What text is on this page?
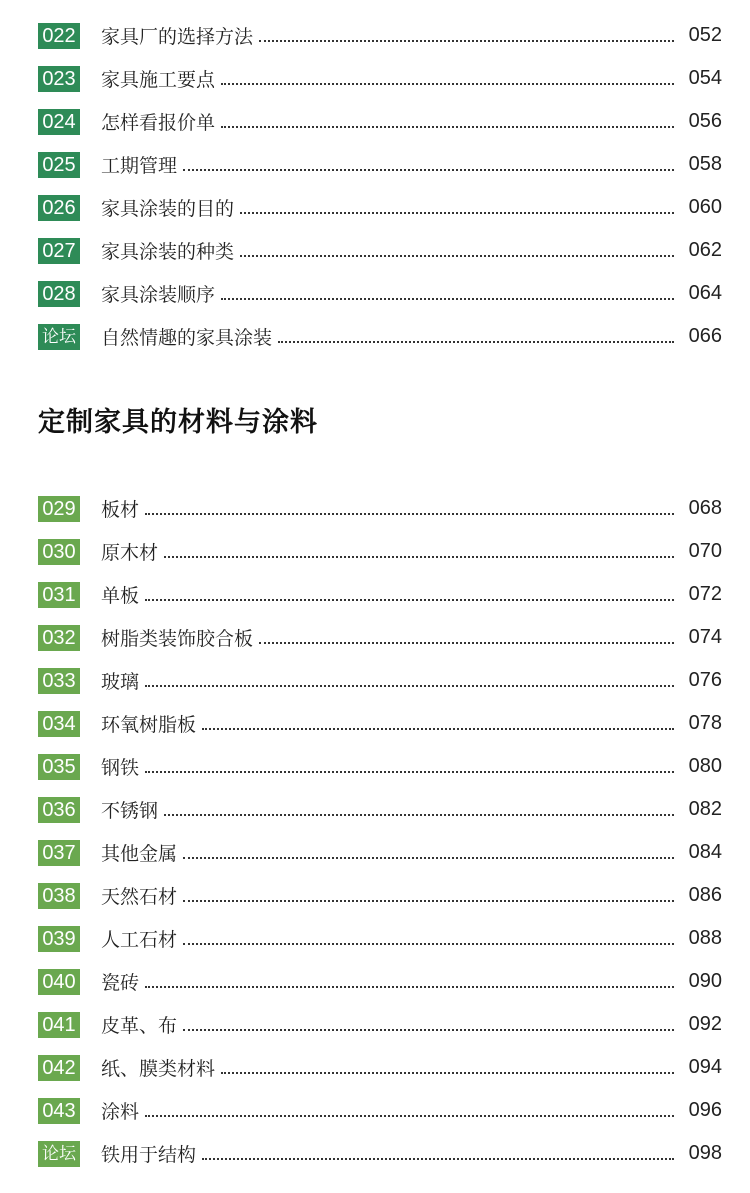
022 家具厂的选择方法	052
023 家具施工要点	054
024 怎样看报价单	056
025 工期管理	058
026 家具涂装的目的	060
027 家具涂装的种类	062
028 家具涂装顺序	064
论坛 自然情趣的家具涂装	066
定制家具的材料与涂料
029 板材	068
030 原木材	070
031 单板	072
032 树脂类装饰胶合板	074
033 玻璃	076
034 环氧树脂板	078
035 钢铁	080
036 不锈钢	082
037 其他金属	084
038 天然石材	086
039 人工石材	088
040 瓷砖	090
041 皮革、布	092
042 纸、膜类材料	094
043 涂料	096
论坛 铁用于结构	098
